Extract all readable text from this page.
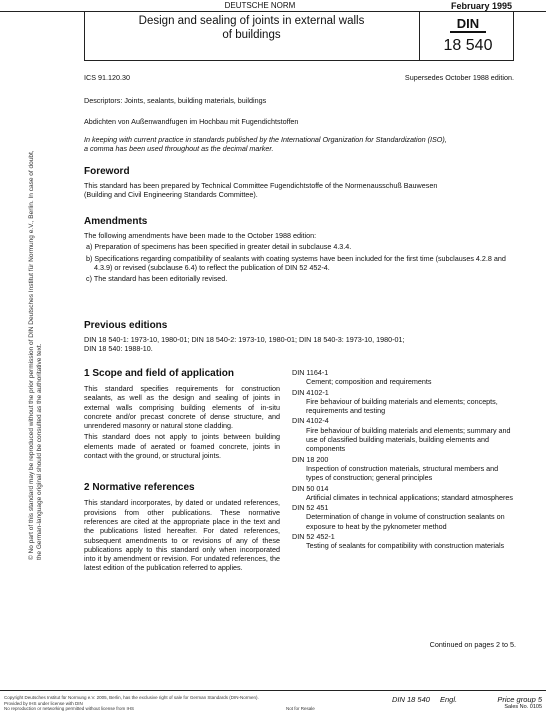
DEUTSCHE NORM	February 1995
Design and sealing of joints in external walls
of buildings
DIN
18 540
© No part of this standard may be reproduced without the prior permission of DIN Deutsches Institut für Normung e.V., Berlin. In case of doubt, the German-language original should be consulted as the authoritative text.
ICS 91.120.30	Supersedes October 1988 edition.
Descriptors: Joints, sealants, building materials, buildings
Abdichten von Außenwandfugen im Hochbau mit Fugendichtstoffen
In keeping with current practice in standards published by the International Organization for Standardization (ISO),
a comma has been used throughout as the decimal marker.
Foreword

This standard has been prepared by Technical Committee Fugendichtstoffe of the Normenausschuß Bauwesen

(Building and Civil Engineering Standards Committee).

Amendments

The following amendments have been made to the October 1988 edition:

a) Preparation of specimens has been specified in greater detail in subclause 4.3.4.
b) Specifications regarding compatibility of sealants with coating systems have been included for the first time (subclauses 4.2.8 and 4.3.9) or revised (subclause 6.4) to reflect the publication of DIN 52 452-4.
c) The standard has been editorially revised.
Previous editions

DIN 18 540-1: 1973-10, 1980-01; DIN 18 540-2: 1973-10, 1980-01; DIN 18 540-3: 1973-10, 1980-01;

DIN 18 540: 1988-10.

1 Scope and field of application

This standard specifies requirements for construction sealants, as well as the design and sealing of joints in external walls comprising building elements of in-situ concrete and/or precast concrete of dense structure, and unrendered masonry or natural stone cladding.

This standard does not apply to joints between building elements made of aerated or foamed concrete, joints in contact with the ground, or structural joints.

2 Normative references

This standard incorporates, by dated or undated references, provisions from other publications. These normative references are cited at the appropriate place in the text and the publications listed hereafter. For dated references, subsequent amendments to or revisions of any of these publications apply to this standard only when incorporated into it by amendment or revision. For undated references, the latest edition of the publication referred to applies.

DIN 1164-1
Cement; composition and requirements
DIN 4102-1
Fire behaviour of building materials and elements; concepts, requirements and testing
DIN 4102-4
Fire behaviour of building materials and elements; summary and use of classified building materials, building elements and components
DIN 18 200
Inspection of construction materials, structural members and types of construction; general principles
DIN 50 014
Artificial climates in technical applications; standard atmospheres
DIN 52 451
Determination of change in volume of construction sealants on exposure to heat by the pyknometer method
DIN 52 452-1
Testing of sealants for compatibility with construction materials
Continued on pages 2 to 5.
Copyright Deutsches Institut für Normung e.V. 2005, Berlin, has the exclusive right of sale for German Standards (DIN-Normen).
Provided by IHS under license with DIN
No reproduction or networking permitted without license from IHS	Not for Resale
DIN 18 540 Engl.	Price group 5
Sales No. 0105
